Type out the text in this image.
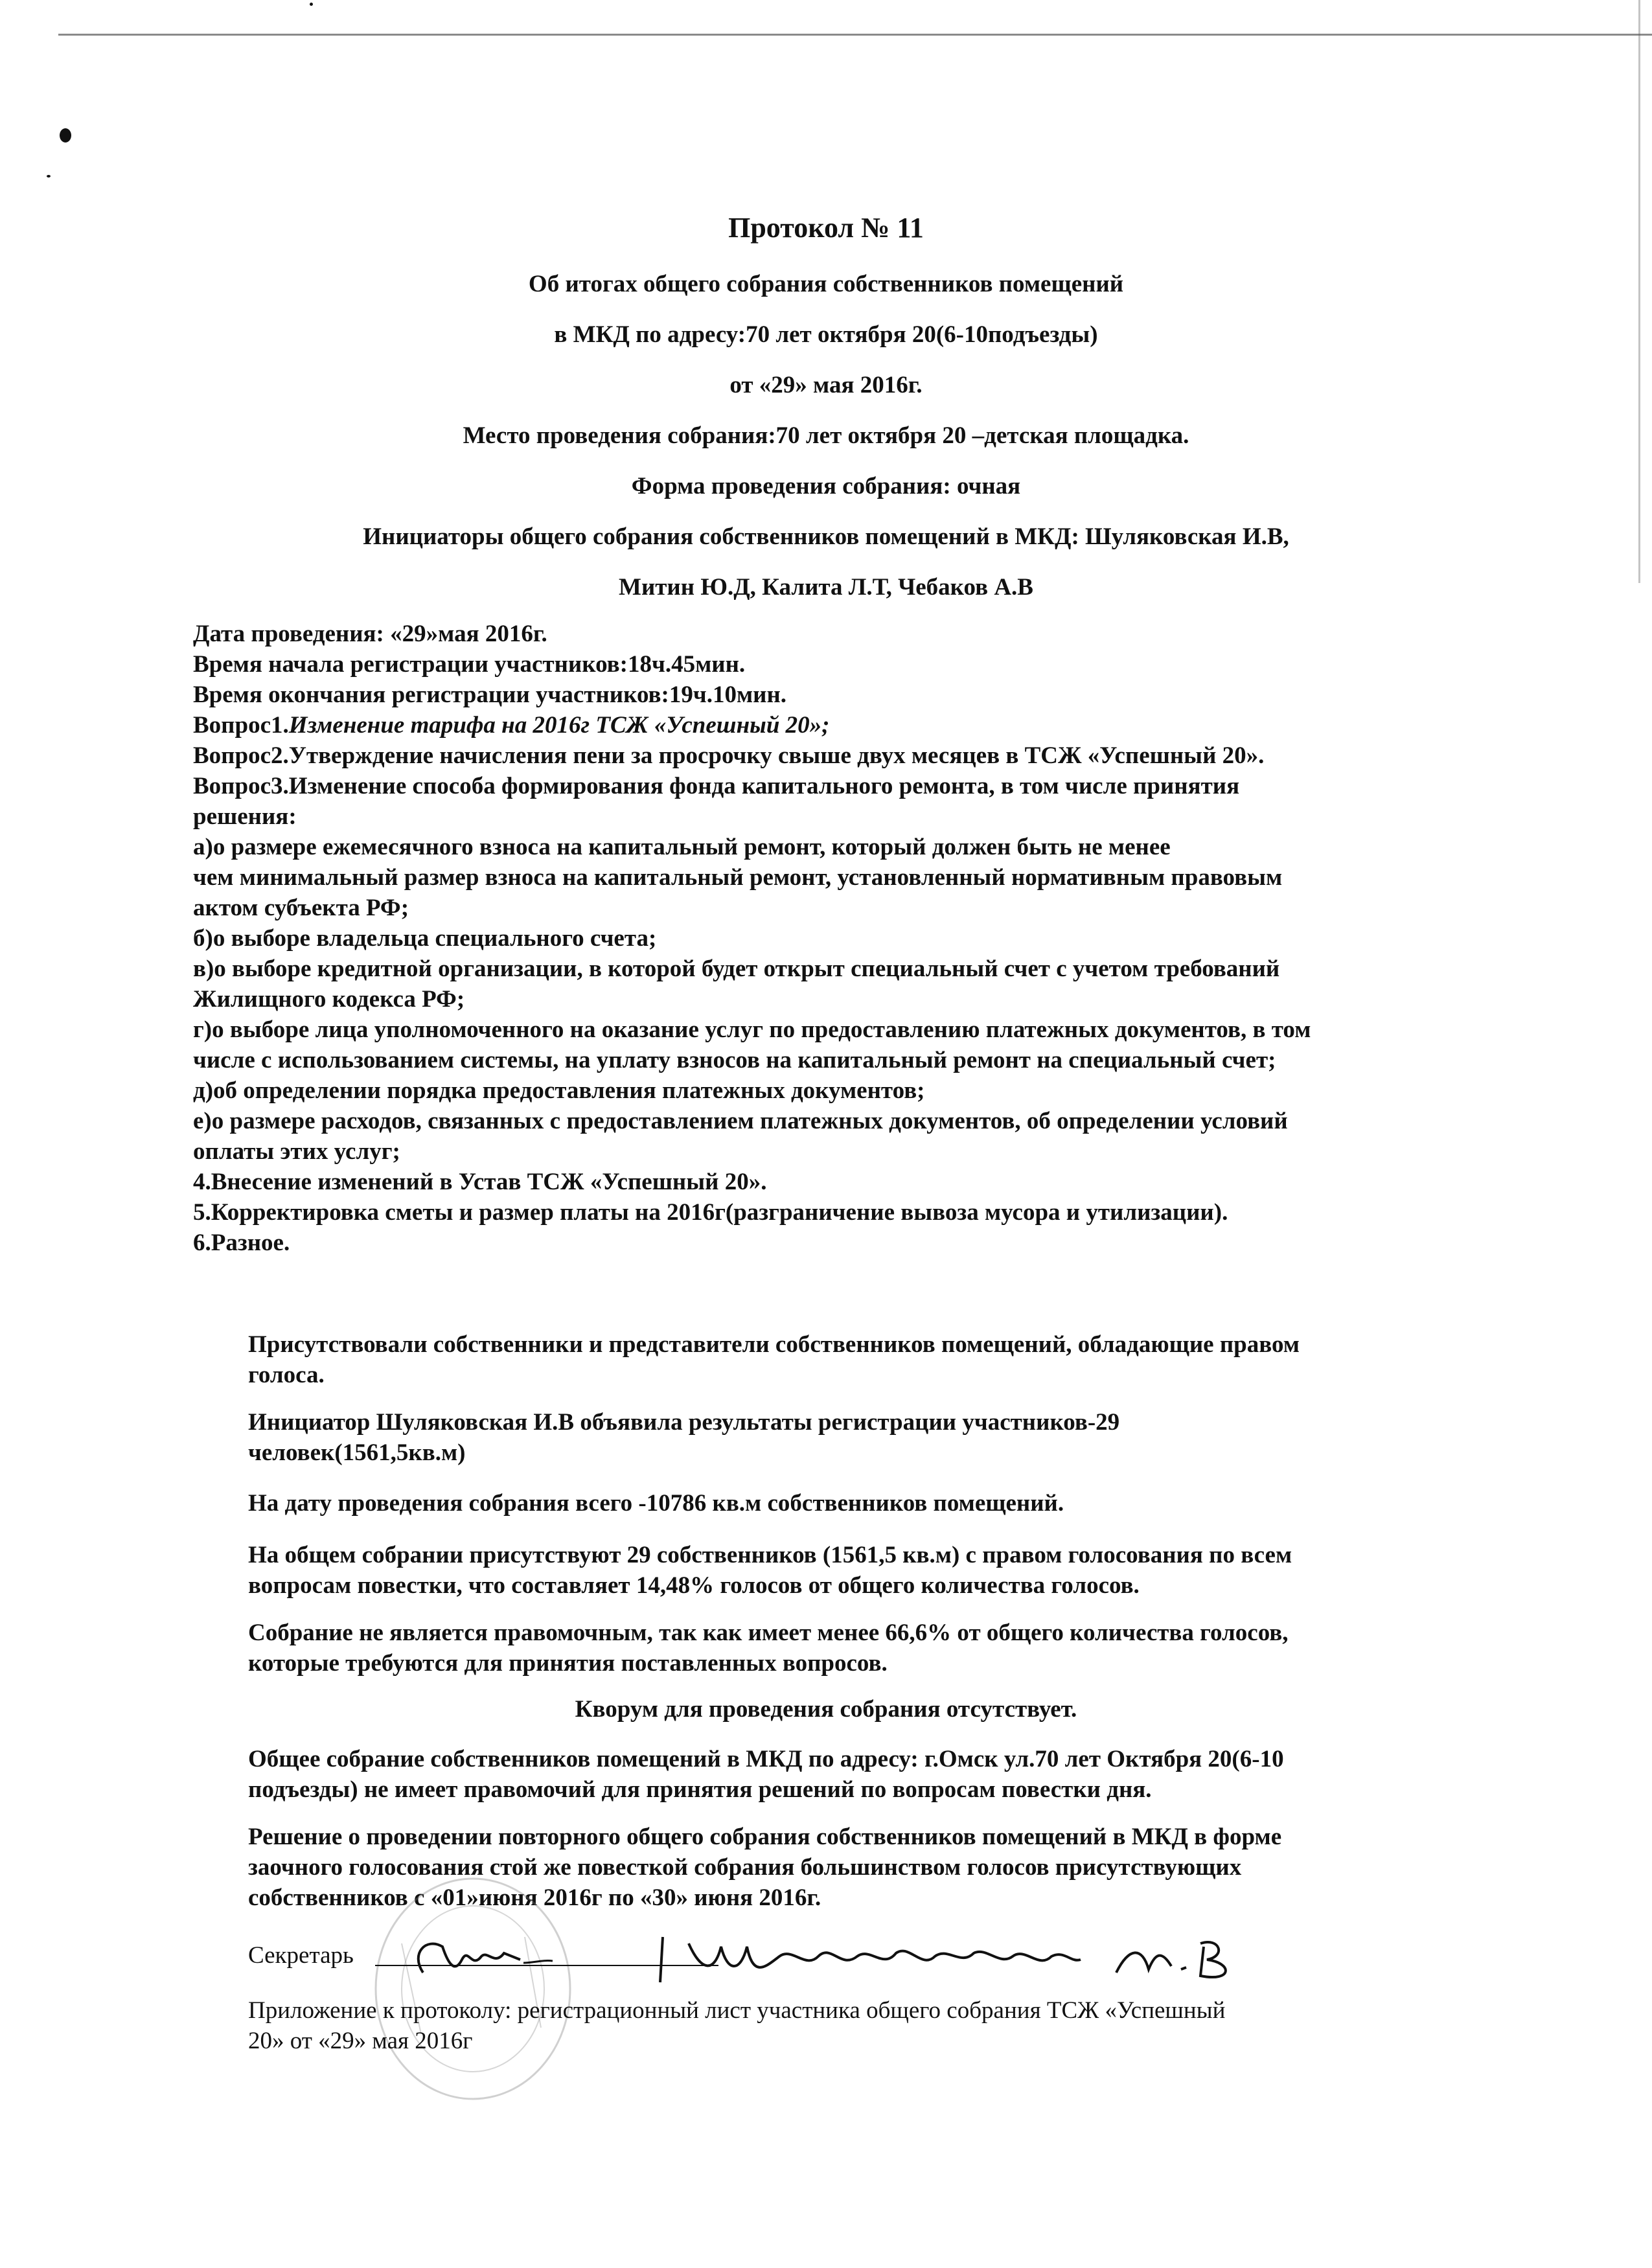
Протокол № 11
Об итогах общего собрания собственников помещений
в МКД по адресу:70 лет октября 20(6-10подъезды)
от «29» мая 2016г.
Место проведения собрания:70 лет октября 20 –детская площадка.
Форма проведения собрания: очная
Инициаторы общего собрания собственников помещений в МКД: Шуляковская И.В,
Митин Ю.Д, Калита Л.Т, Чебаков А.В
Дата проведения: «29»мая 2016г.
Время начала регистрации участников:18ч.45мин.
Время окончания регистрации участников:19ч.10мин.
Вопрос1.Изменение тарифа на 2016г ТСЖ «Успешный 20»;
Вопрос2.Утверждение начисления пени за просрочку свыше двух месяцев в ТСЖ «Успешный 20».
Вопрос3.Изменение способа формирования фонда капитального ремонта, в том числе принятия
решения:
а)о размере ежемесячного взноса на капитальный ремонт, который должен быть не менее
чем минимальный размер взноса на капитальный ремонт, установленный нормативным правовым
актом субъекта РФ;
б)о выборе владельца специального счета;
в)о выборе кредитной организации, в которой будет открыт специальный счет с учетом требований
Жилищного кодекса РФ;
г)о выборе лица уполномоченного на оказание услуг по предоставлению платежных документов, в том
числе с использованием системы, на уплату взносов на капитальный ремонт на специальный счет;
д)об определении порядка предоставления платежных документов;
е)о размере расходов, связанных с предоставлением платежных документов, об определении условий
оплаты этих услуг;
4.Внесение изменений в Устав ТСЖ «Успешный 20».
5.Корректировка сметы и размер платы на 2016г(разграничение вывоза мусора и утилизации).
6.Разное.
Присутствовали собственники и представители собственников помещений, обладающие правом
голоса.
Инициатор Шуляковская И.В объявила результаты регистрации участников-29
человек(1561,5кв.м)
На дату проведения собрания всего -10786 кв.м собственников помещений.
На общем собрании присутствуют 29 собственников (1561,5 кв.м) с правом голосования по всем
вопросам повестки, что составляет 14,48% голосов от общего количества голосов.
Собрание не является правомочным, так как имеет менее 66,6% от общего количества голосов,
которые требуются для принятия поставленных вопросов.
Кворум для проведения собрания отсутствует.
Общее собрание собственников помещений в МКД по адресу: г.Омск ул.70 лет Октября 20(6-10
подъезды) не имеет правомочий для принятия решений по вопросам повестки дня.
Решение о проведении повторного общего собрания собственников помещений в МКД в форме
заочного голосования стой же повесткой собрания большинством голосов присутствующих
собственников с «01»июня 2016г по «30» июня 2016г.
Секретарь
Приложение к протоколу: регистрационный лист участника общего собрания ТСЖ «Успешный
20» от «29» мая 2016г
